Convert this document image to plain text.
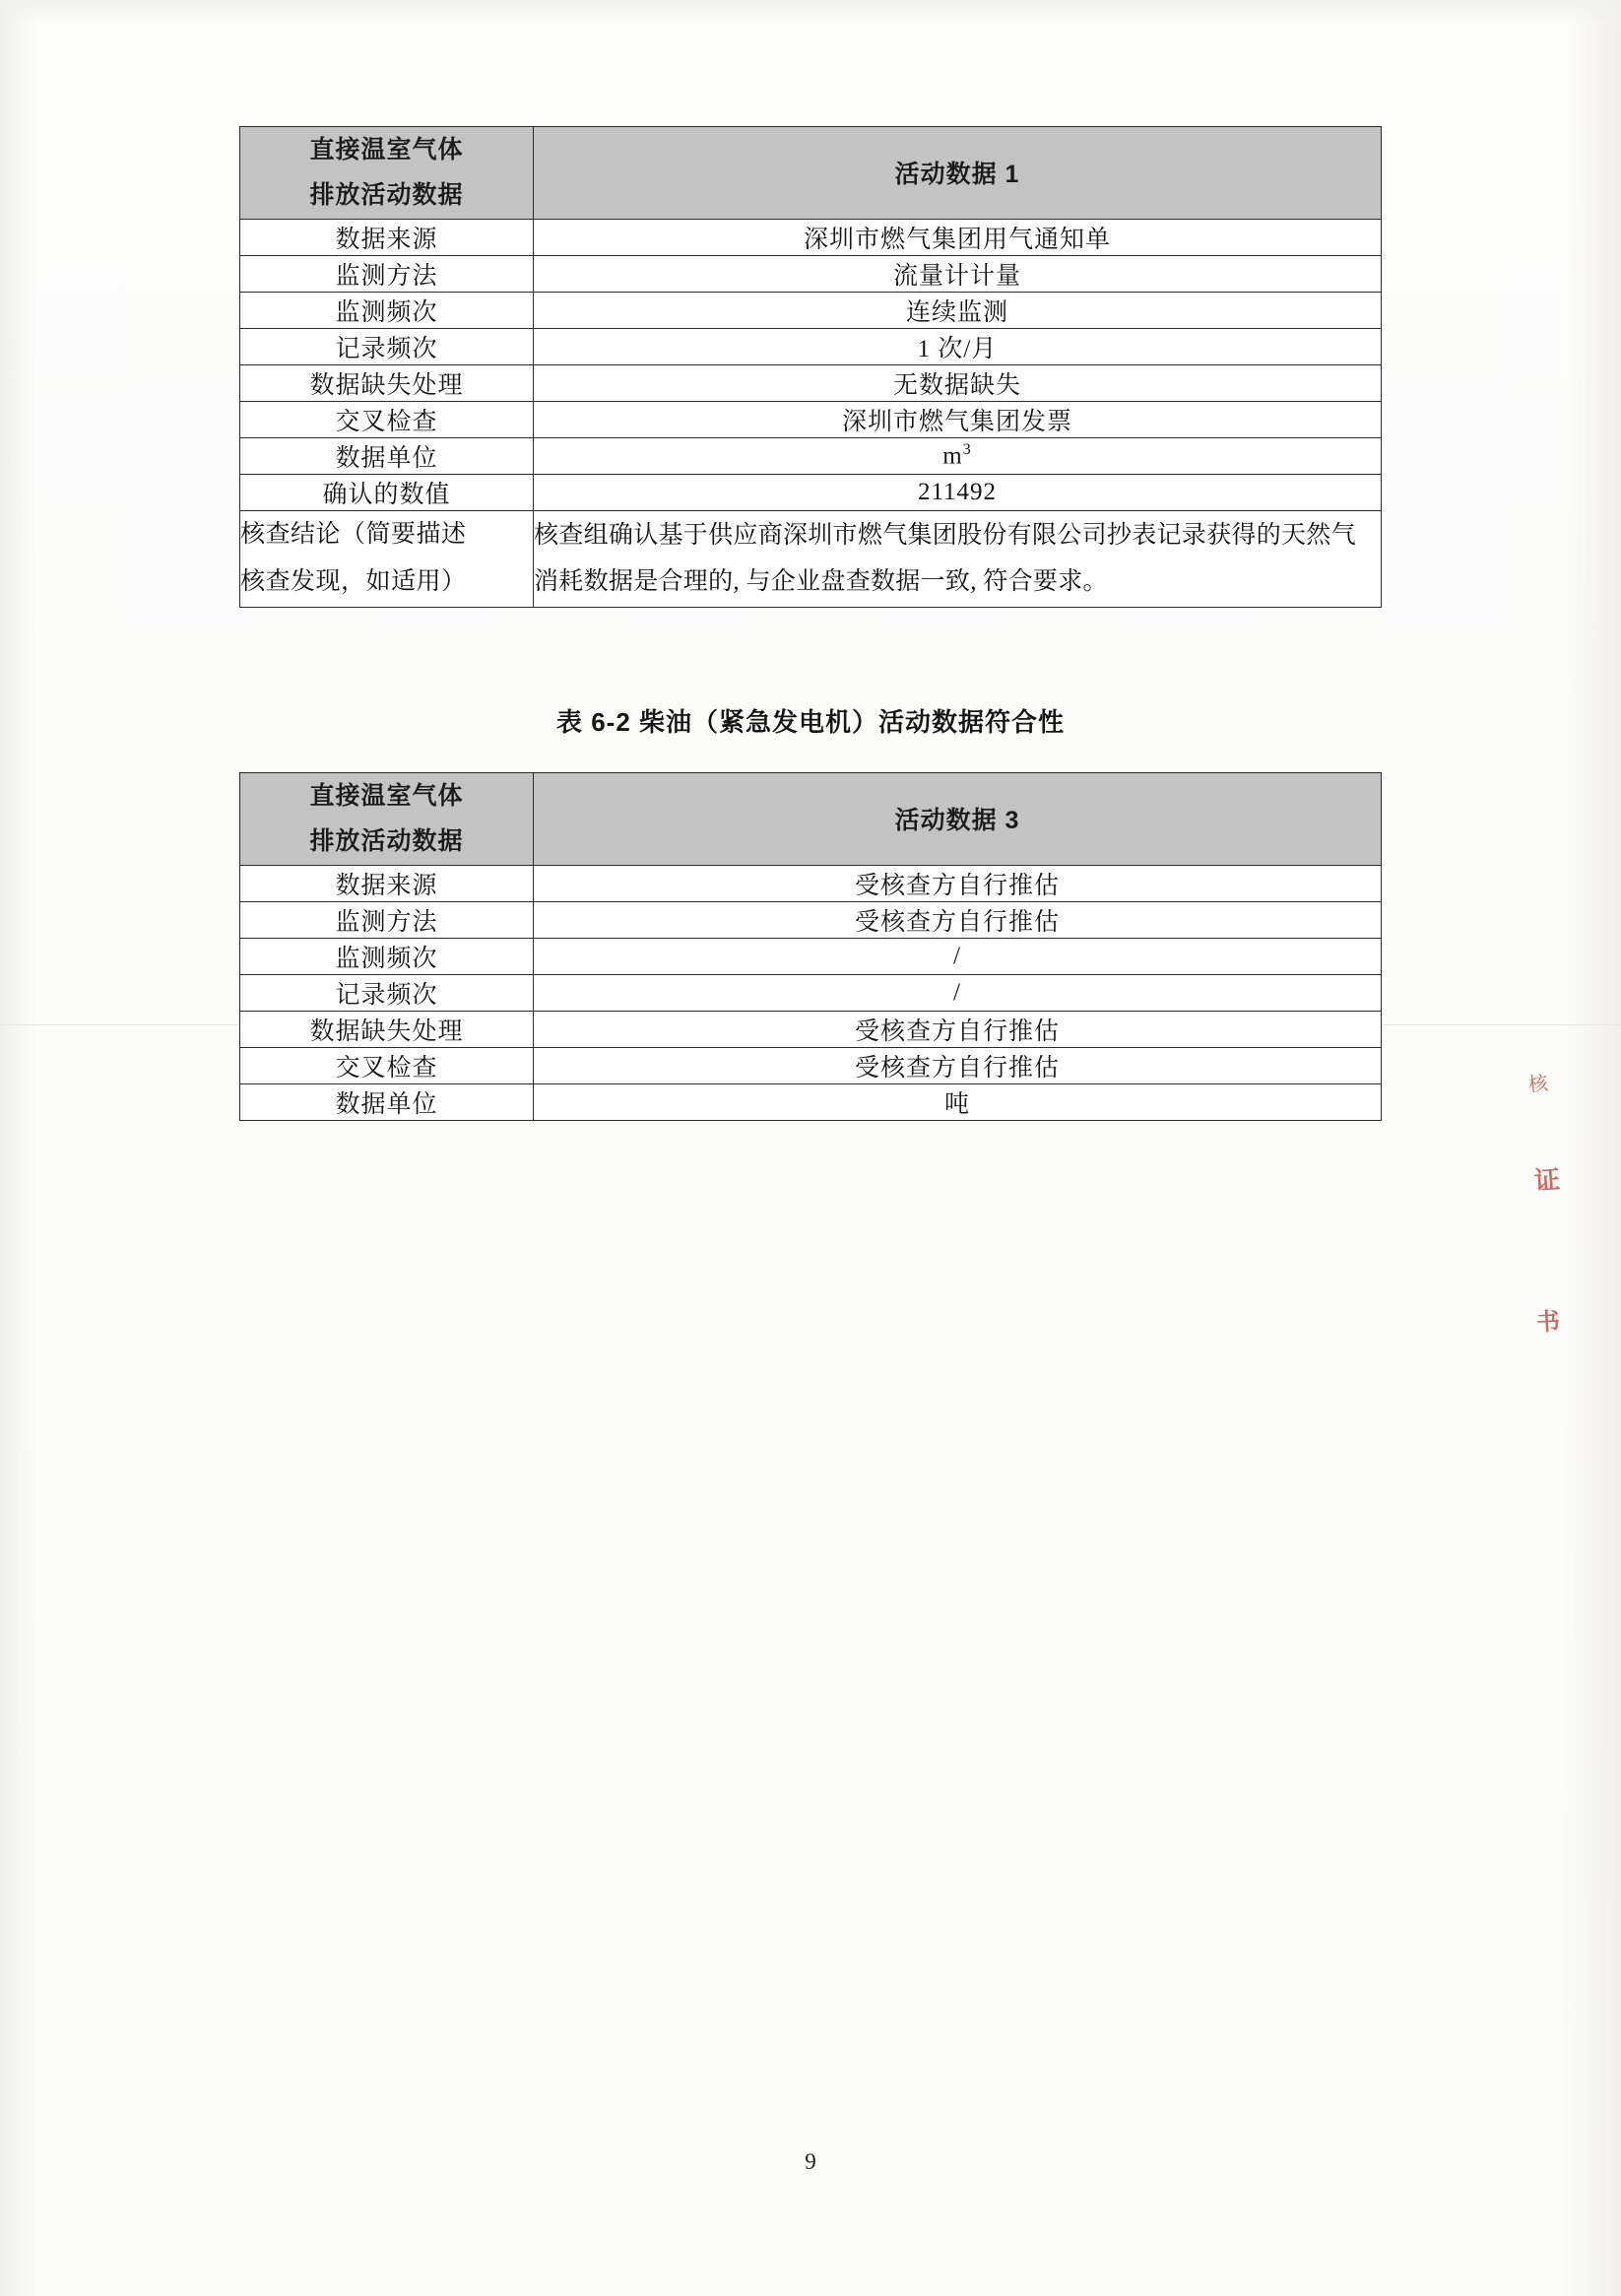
直接温室气体
排放活动数据	活动数据 1
数据来源	深圳市燃气集团用气通知单
监测方法	流量计计量
监测频次	连续监测
记录频次	1 次/月
数据缺失处理	无数据缺失
交叉检查	深圳市燃气集团发票
数据单位	$m^3$
确认的数值	211492

核查结论（简要描述
核查发现，如适用）	核查组确认基于供应商深圳市燃气集团股份有限公司抄表记录获得的天然气消耗数据是合理的, 与企业盘查数据一致, 符合要求。
表 6-2 柴油（紧急发电机）活动数据符合性
直接温室气体
排放活动数据	活动数据 3
数据来源	受核查方自行推估
监测方法	受核查方自行推估
监测频次	/
记录频次	/
数据缺失处理	受核查方自行推估
交叉检查	受核查方自行推估
数据单位	吨
9
核
证
书
